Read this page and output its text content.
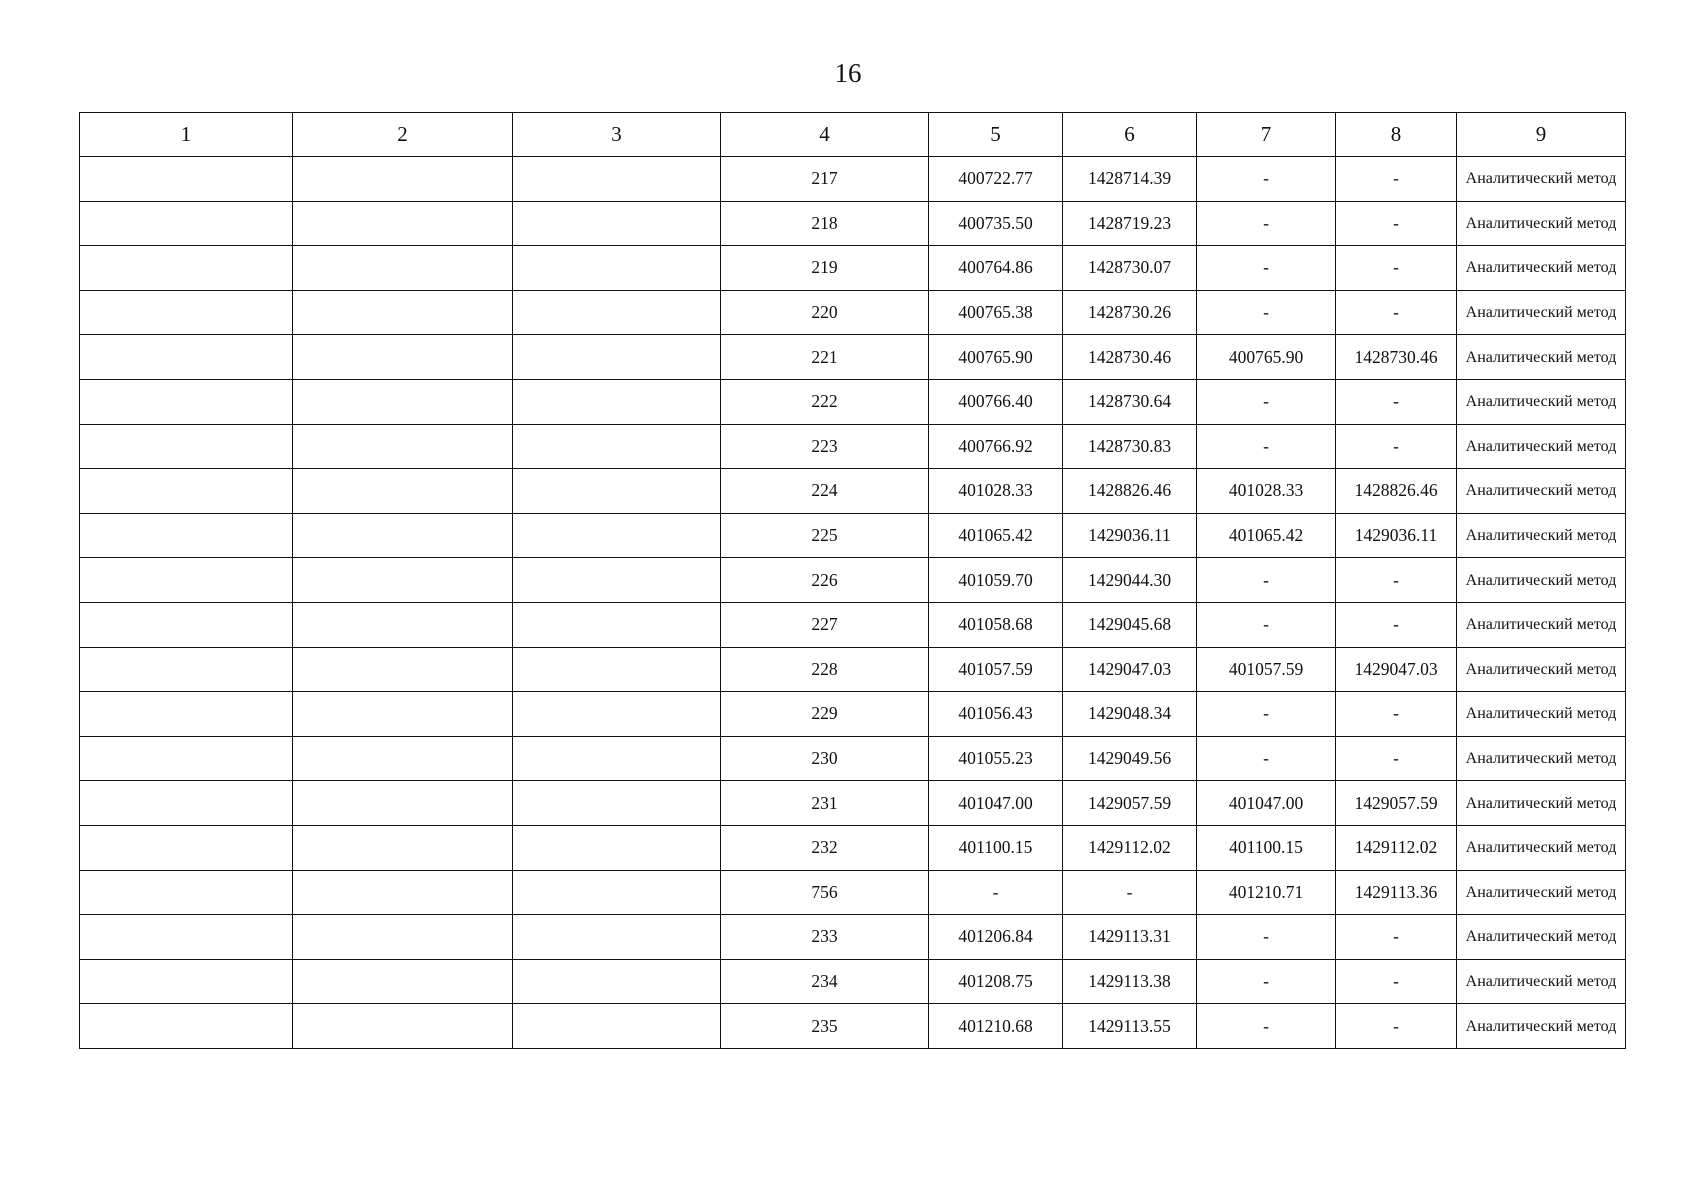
16
1	2	3	4	5	6	7	8	9
			217	400722.77	1428714.39	-	-	Аналитический метод
			218	400735.50	1428719.23	-	-	Аналитический метод
			219	400764.86	1428730.07	-	-	Аналитический метод
			220	400765.38	1428730.26	-	-	Аналитический метод
			221	400765.90	1428730.46	400765.90	1428730.46	Аналитический метод
			222	400766.40	1428730.64	-	-	Аналитический метод
			223	400766.92	1428730.83	-	-	Аналитический метод
			224	401028.33	1428826.46	401028.33	1428826.46	Аналитический метод
			225	401065.42	1429036.11	401065.42	1429036.11	Аналитический метод
			226	401059.70	1429044.30	-	-	Аналитический метод
			227	401058.68	1429045.68	-	-	Аналитический метод
			228	401057.59	1429047.03	401057.59	1429047.03	Аналитический метод
			229	401056.43	1429048.34	-	-	Аналитический метод
			230	401055.23	1429049.56	-	-	Аналитический метод
			231	401047.00	1429057.59	401047.00	1429057.59	Аналитический метод
			232	401100.15	1429112.02	401100.15	1429112.02	Аналитический метод
			756	-	-	401210.71	1429113.36	Аналитический метод
			233	401206.84	1429113.31	-	-	Аналитический метод
			234	401208.75	1429113.38	-	-	Аналитический метод
			235	401210.68	1429113.55	-	-	Аналитический метод
